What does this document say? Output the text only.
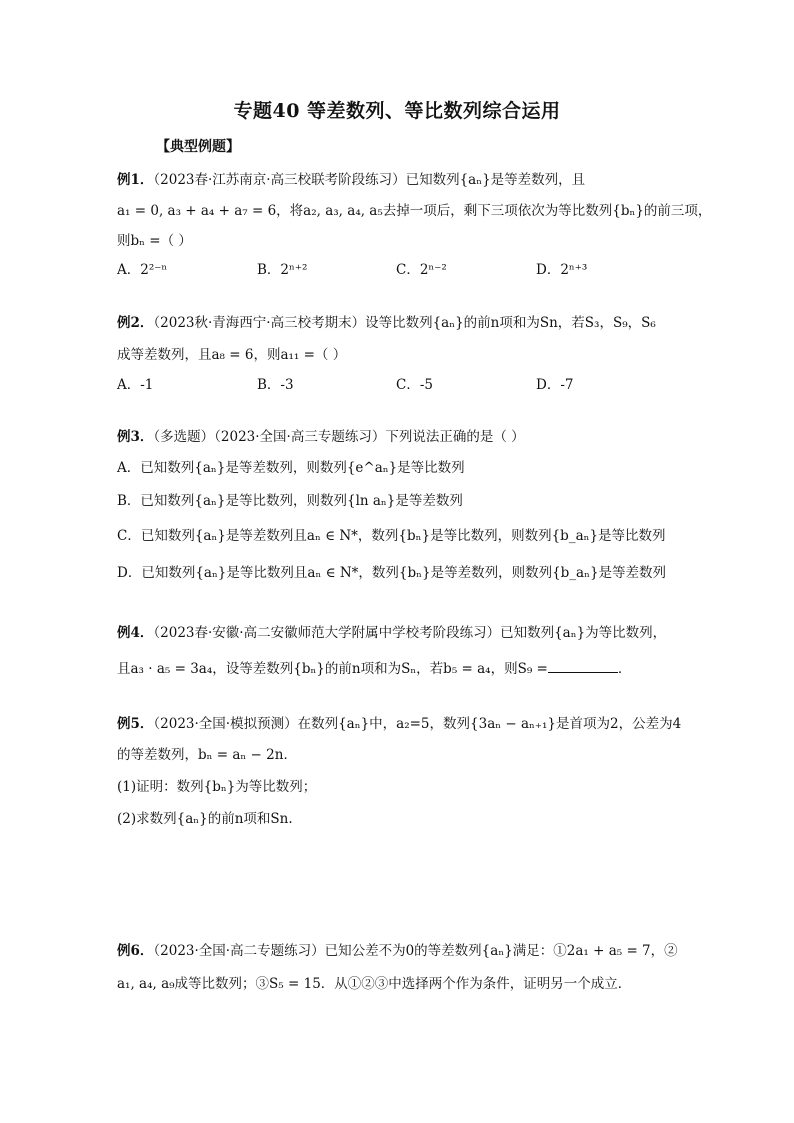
专题40 等差数列、等比数列综合运用
【典型例题】
例1．（2023春·江苏南京·高三校联考阶段练习）已知数列{aₙ}是等差数列，且
a₁ = 0, a₃ + a₄ + a₇ = 6，将a₂, a₃, a₄, a₅去掉一项后，剩下三项依次为等比数列{bₙ}的前三项，
则bₙ =（ ）
A．2²⁻ⁿ	B．2ⁿ⁺²	C．2ⁿ⁻²	D．2ⁿ⁺³
例2．（2023秋·青海西宁·高三校考期末）设等比数列{aₙ}的前n项和为Sn，若S₃，S₉，S₆
成等差数列，且a₈ = 6，则a₁₁ =（ ）
A．-1	B．-3	C．-5	D．-7
例3．（多选题）（2023·全国·高三专题练习）下列说法正确的是（ ）
A．已知数列{aₙ}是等差数列，则数列{e^aₙ}是等比数列
B．已知数列{aₙ}是等比数列，则数列{ln aₙ}是等差数列
C．已知数列{aₙ}是等差数列且aₙ ∈ N*，数列{bₙ}是等比数列，则数列{b_aₙ}是等比数列
D．已知数列{aₙ}是等比数列且aₙ ∈ N*，数列{bₙ}是等差数列，则数列{b_aₙ}是等差数列
例4．（2023春·安徽·高二安徽师范大学附属中学校考阶段练习）已知数列{aₙ}为等比数列，
且a₃ · a₅ = 3a₄，设等差数列{bₙ}的前n项和为Sₙ，若b₅ = a₄，则S₉ =	．
例5．（2023·全国·模拟预测）在数列{aₙ}中，a₂=5，数列{3aₙ − aₙ₊₁}是首项为2，公差为4
的等差数列，bₙ = aₙ − 2n．
(1)证明：数列{bₙ}为等比数列；
(2)求数列{aₙ}的前n项和Sn.
例6．（2023·全国·高二专题练习）已知公差不为0的等差数列{aₙ}满足：①2a₁ + a₅ = 7，②
a₁, a₄, a₉成等比数列；③S₅ = 15．从①②③中选择两个作为条件，证明另一个成立．
